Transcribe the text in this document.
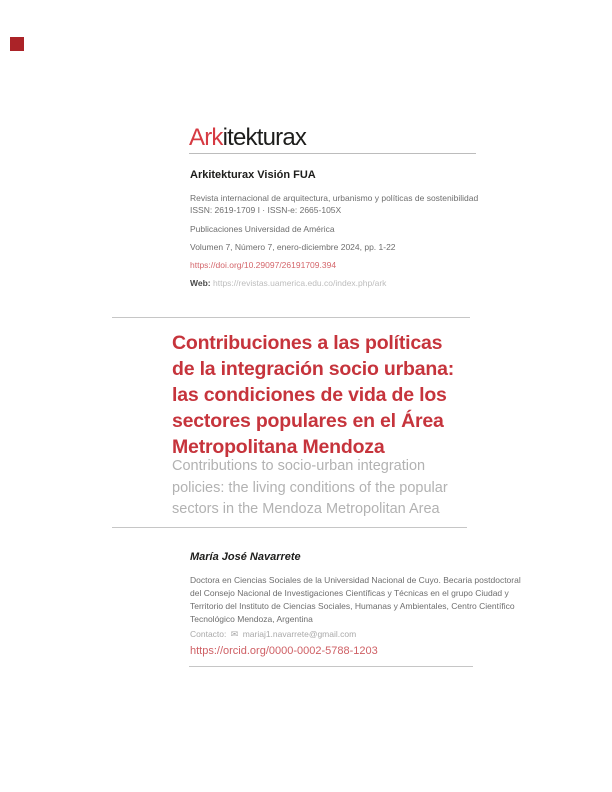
Arkitekturax
Arkitekturax Visión FUA
Revista internacional de arquitectura, urbanismo y políticas de sostenibilidad
ISSN: 2619-1709 I · ISSN-e: 2665-105X
Publicaciones Universidad de América
Volumen 7, Número 7, enero-diciembre 2024, pp. 1-22
https://doi.org/10.29097/26191709.394
Web: https://revistas.uamerica.edu.co/index.php/ark
Contribuciones a las políticas
de la integración socio urbana:
las condiciones de vida de los
sectores populares en el Área
Metropolitana Mendoza
Contributions to socio-urban integration
policies: the living conditions of the popular
sectors in the Mendoza Metropolitan Area
María José Navarrete
Doctora en Ciencias Sociales de la Universidad Nacional de Cuyo. Becaria postdoctoral
del Consejo Nacional de Investigaciones Científicas y Técnicas en el grupo Ciudad y
Territorio del Instituto de Ciencias Sociales, Humanas y Ambientales, Centro Científico
Tecnológico Mendoza, Argentina
Contacto: ✉ mariaj1.navarrete@gmail.com
https://orcid.org/0000-0002-5788-1203
